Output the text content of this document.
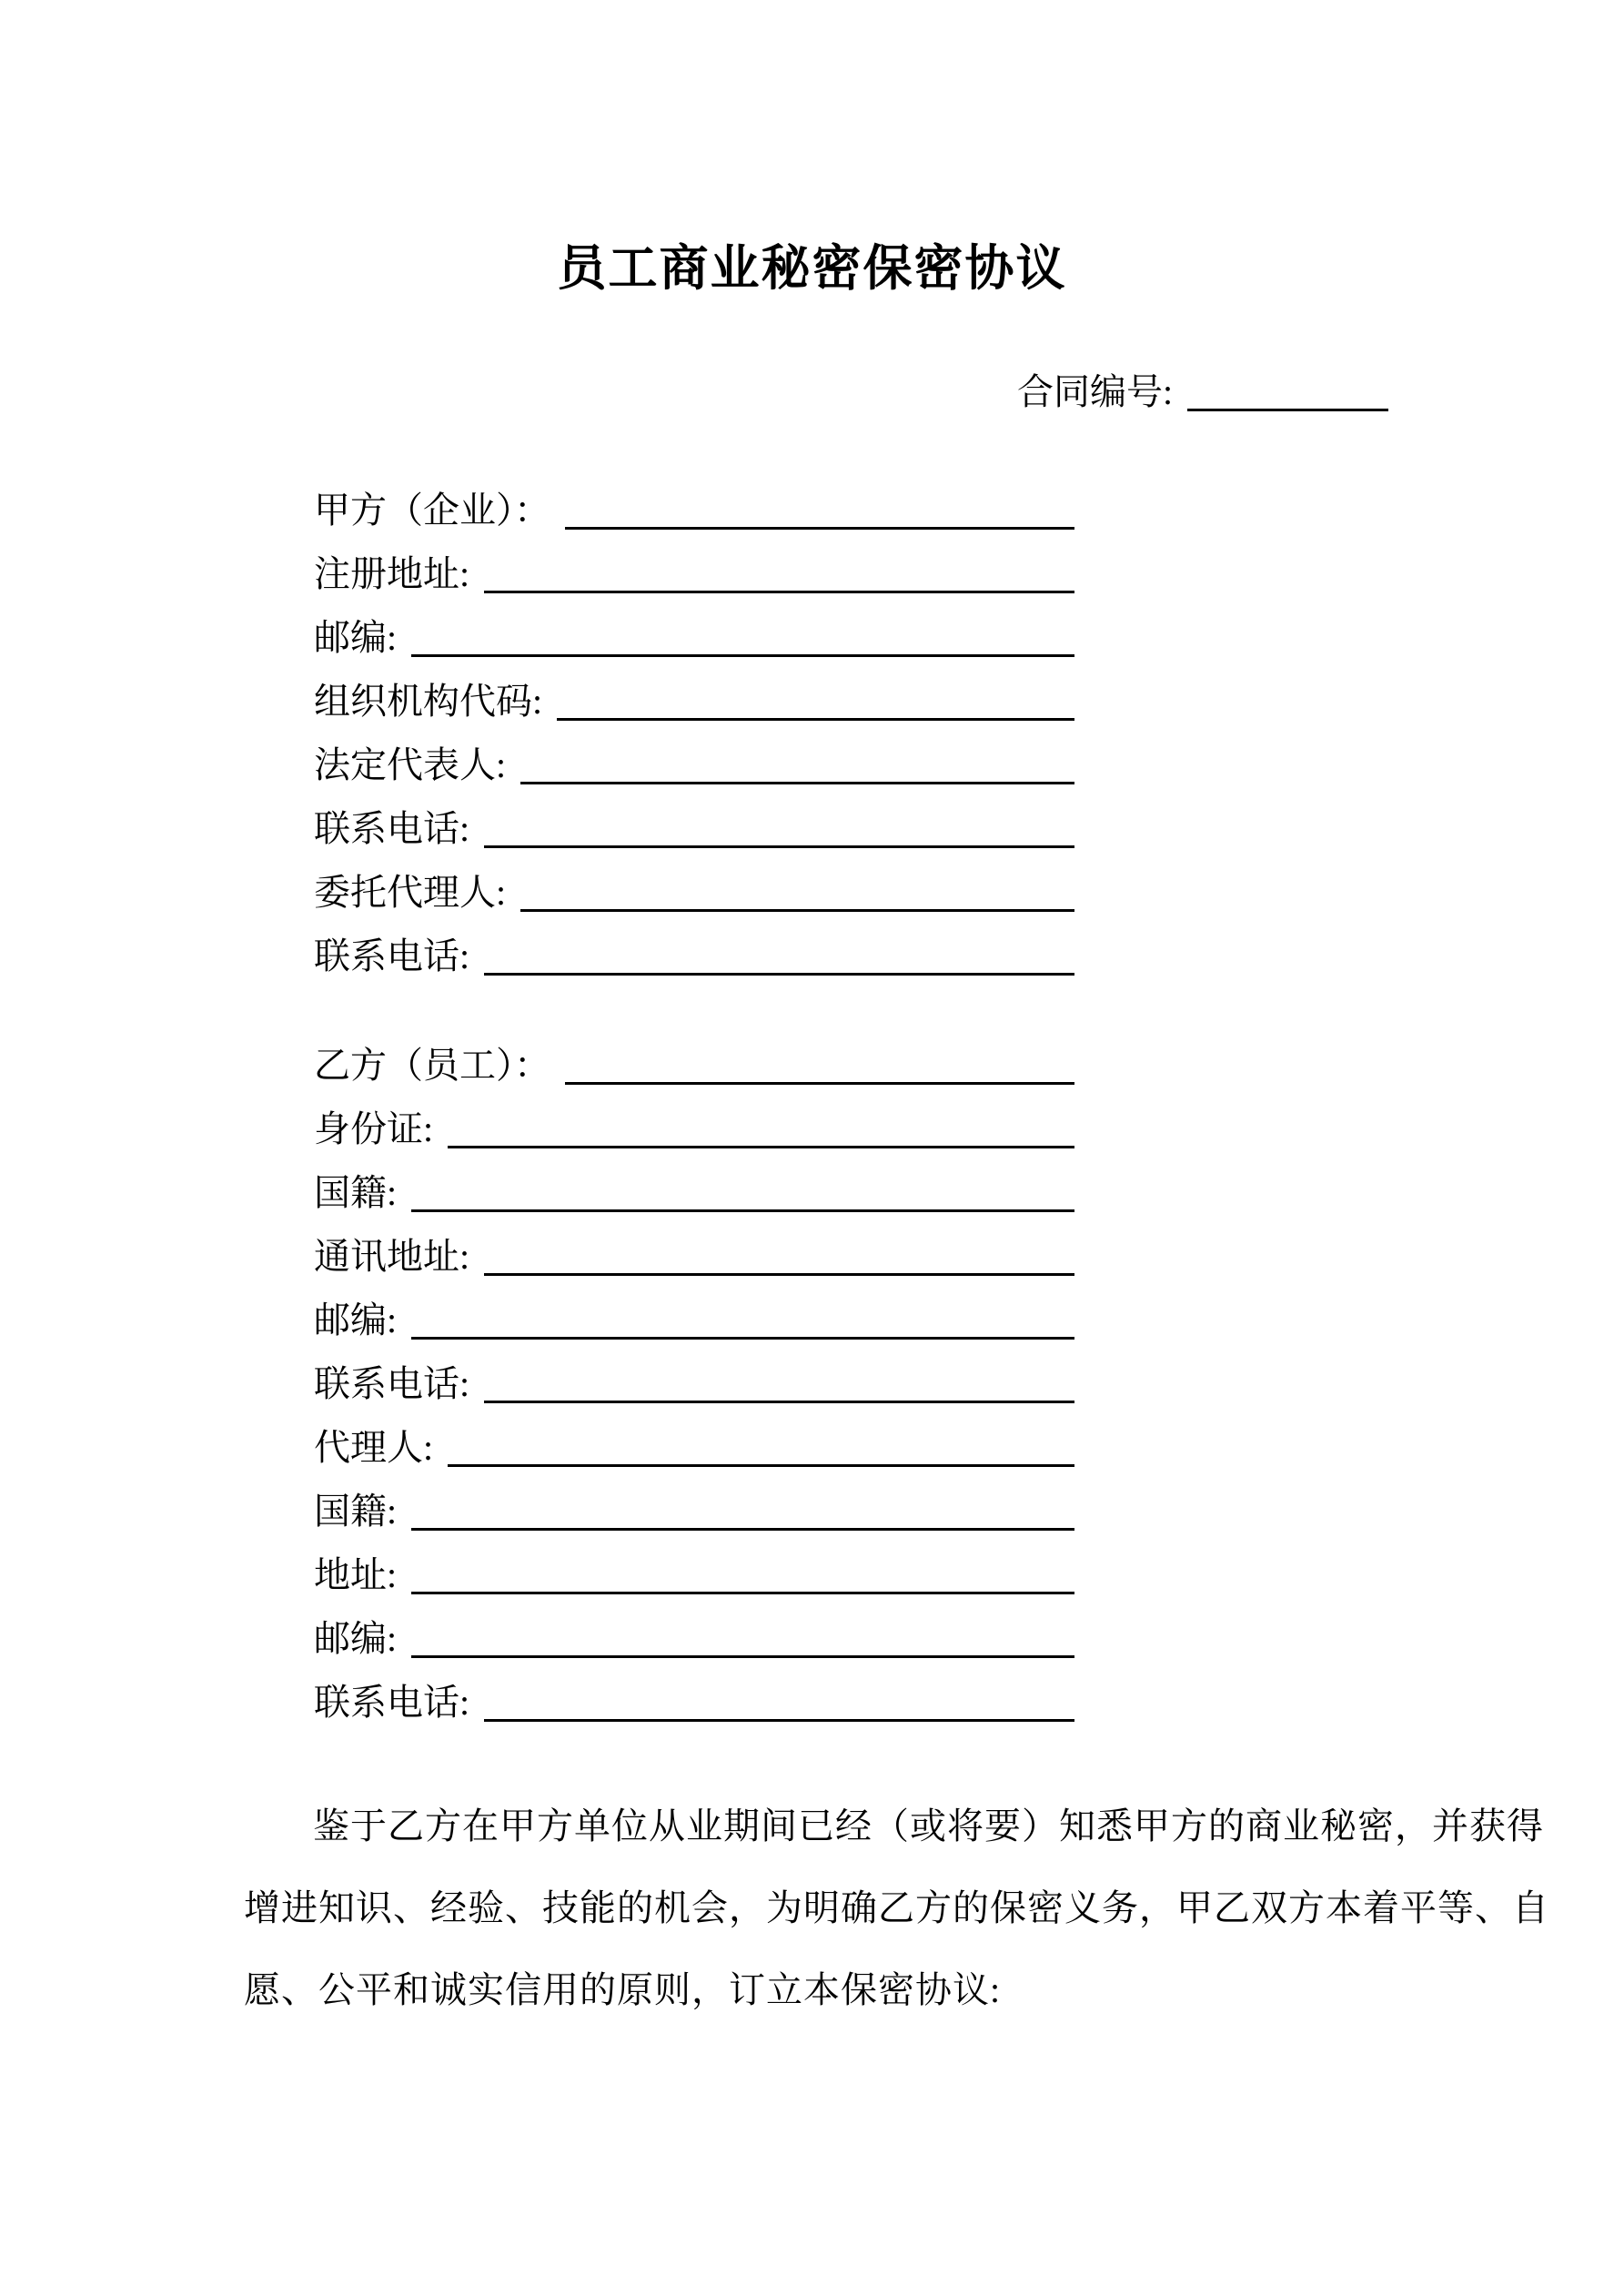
员工商业秘密保密协议
合同编号:
甲方（企业）：
注册地址:
邮编:
组织机构代码:
法定代表人:
联系电话:
委托代理人:
联系电话:
乙方（员工）：
身份证:
国籍:
通讯地址:
邮编:
联系电话:
代理人:
国籍:
地址:
邮编:
联系电话:
鉴于乙方在甲方单位从业期间已经（或将要）知悉甲方的商业秘密，并获得
增进知识、经验、技能的机会，为明确乙方的保密义务，甲乙双方本着平等、自
愿、公平和诚实信用的原则，订立本保密协议:
